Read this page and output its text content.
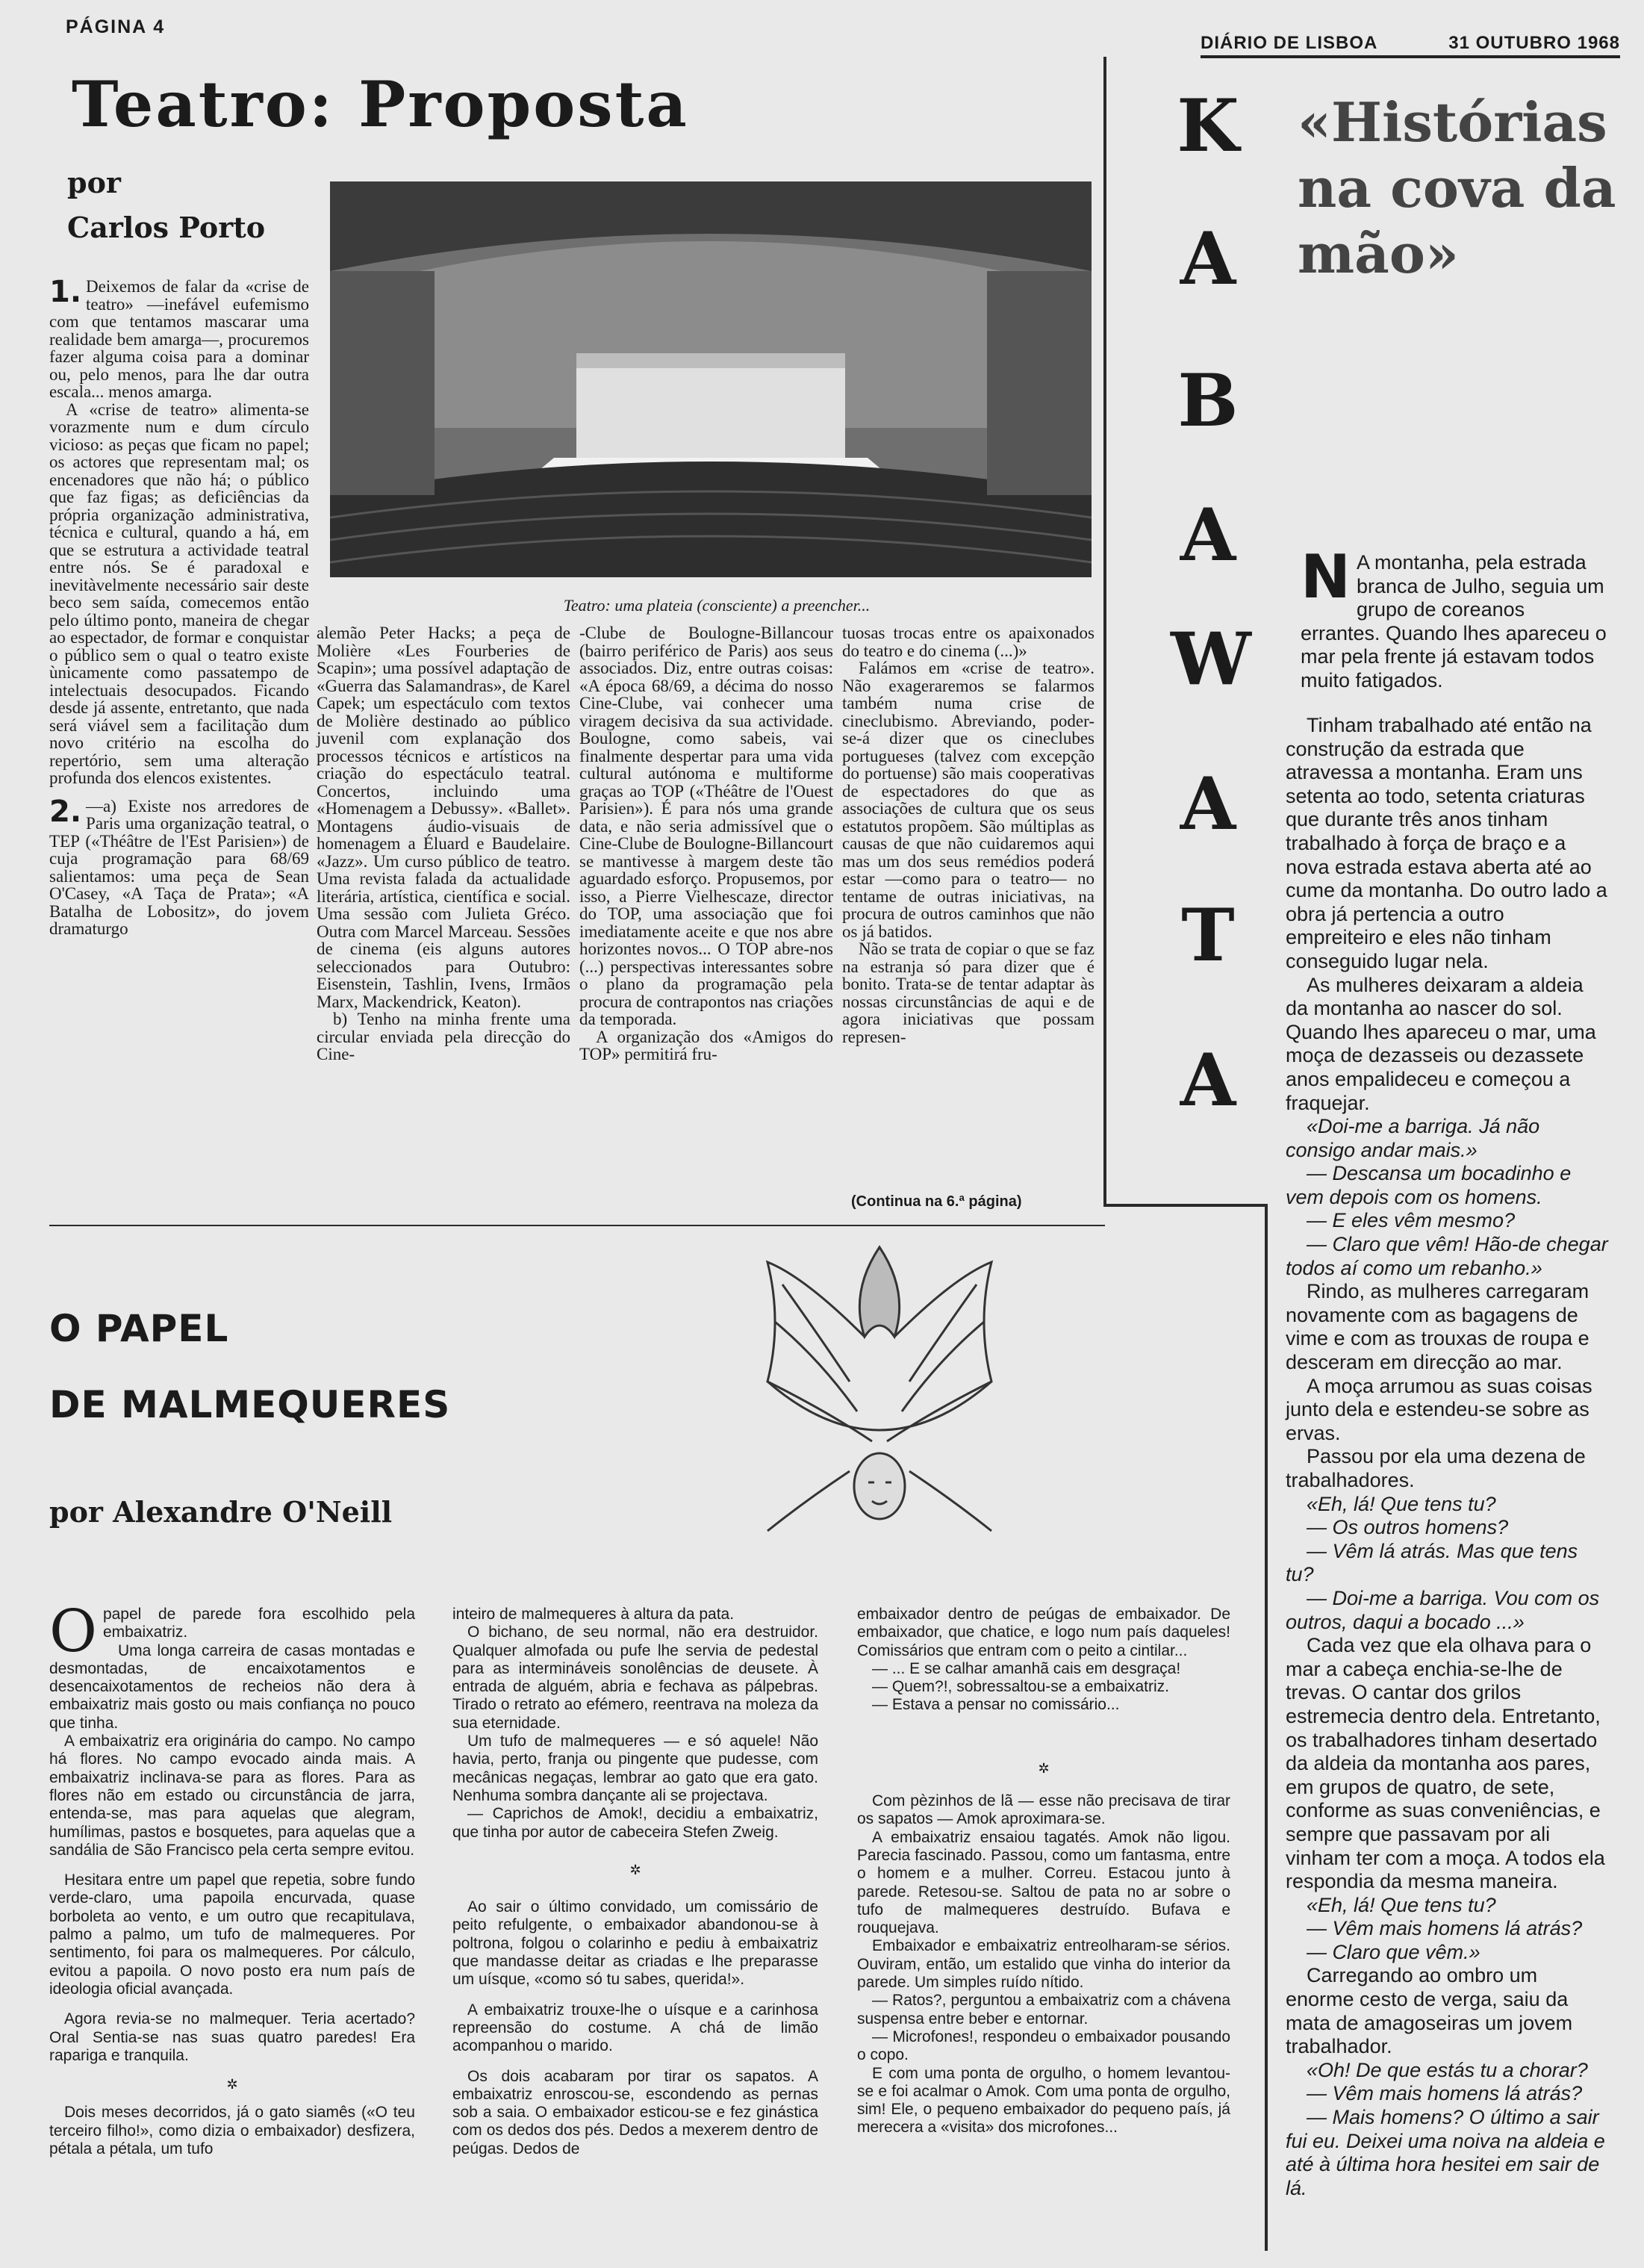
PÁGINA 4
DIÁRIO DE LISBOA	31 OUTUBRO 1968
Teatro: Proposta
por
Carlos Porto
Teatro: uma plateia (consciente) a preencher...

1. Deixemos de falar da «crise de teatro» —inefável eufemismo com que tentamos mascarar uma realidade bem amarga—, procuremos fazer alguma coisa para a dominar ou, pelo menos, para lhe dar outra escala... menos amarga.

A «crise de teatro» alimenta-se vorazmente num e dum círculo vicioso: as peças que ficam no papel; os actores que representam mal; os encenadores que não há; o público que faz figas; as deficiências da própria organização administrativa, técnica e cultural, quando a há, em que se estrutura a actividade teatral entre nós. Se é paradoxal e inevitàvelmente necessário sair deste beco sem saída, comecemos então pelo último ponto, maneira de chegar ao espectador, de formar e conquistar o público sem o qual o teatro existe ùnicamente como passatempo de intelectuais desocupados. Ficando desde já assente, entretanto, que nada será viável sem a facilitação dum novo critério na escolha do repertório, sem uma alteração profunda dos elencos existentes.

2. —a) Existe nos arredores de Paris uma organização teatral, o TEP («Théâtre de l'Est Parisien») de cuja programação para 68/69 salientamos: uma peça de Sean O'Casey, «A Taça de Prata»; «A Batalha de Lobositz», do jovem dramaturgo

alemão Peter Hacks; a peça de Molière «Les Fourberies de Scapin»; uma possível adaptação de «Guerra das Salamandras», de Karel Capek; um espectáculo com textos de Molière destinado ao público juvenil com explanação dos processos técnicos e artísticos na criação do espectáculo teatral. Concertos, incluindo uma «Homenagem a Debussy». «Ballet». Montagens áudio-visuais de homenagem a Éluard e Baudelaire. «Jazz». Um curso público de teatro. Uma revista falada da actualidade literária, artística, científica e social. Uma sessão com Julieta Gréco. Outra com Marcel Marceau. Sessões de cinema (eis alguns autores seleccionados para Outubro: Eisenstein, Tashlin, Ivens, Irmãos Marx, Mackendrick, Keaton).

b) Tenho na minha frente uma circular enviada pela direcção do Cine-

-Clube de Boulogne-Billancour (bairro periférico de Paris) aos seus associados. Diz, entre outras coisas: «A época 68/69, a décima do nosso Cine-Clube, vai conhecer uma viragem decisiva da sua actividade. Boulogne, como sabeis, vai finalmente despertar para uma vida cultural autónoma e multiforme graças ao TOP («Théâtre de l'Ouest Parisien»). É para nós uma grande data, e não seria admissível que o Cine-Clube de Boulogne-Billancourt se mantivesse à margem deste tão aguardado esforço. Propusemos, por isso, a Pierre Vielhescaze, director do TOP, uma associação que foi imediatamente aceite e que nos abre horizontes novos... O TOP abre-nos (...) perspectivas interessantes sobre o plano da programação pela procura de contrapontos nas criações da temporada.

A organização dos «Amigos do TOP» permitirá fru-

tuosas trocas entre os apaixonados do teatro e do cinema (...)»

Falámos em «crise de teatro». Não exageraremos se falarmos também numa crise de cineclubismo. Abreviando, poder-se-á dizer que os cineclubes portugueses (talvez com excepção do portuense) são mais cooperativas de espectadores do que as associações de cultura que os seus estatutos propõem. São múltiplas as causas de que não cuidaremos aqui mas um dos seus remédios poderá estar —como para o teatro— no tentame de outras iniciativas, na procura de outros caminhos que não os já batidos.

Não se trata de copiar o que se faz na estranja só para dizer que é bonito. Trata-se de tentar adaptar às nossas circunstâncias de aqui e de agora iniciativas que possam represen-

(Continua na 6.ª página)
K
A
B
A
W
A
T
A
«Histórias na cova da mão»

N A montanha, pela estrada branca de Julho, seguia um grupo de coreanos errantes. Quando lhes apareceu o mar pela frente já estavam todos muito fatigados.

Tinham trabalhado até então na construção da estrada que atravessa a montanha. Eram uns setenta ao todo, setenta criaturas que durante três anos tinham trabalhado à força de braço e a nova estrada estava aberta até ao cume da montanha. Do outro lado a obra já pertencia a outro empreiteiro e eles não tinham conseguido lugar nela.

As mulheres deixaram a aldeia da montanha ao nascer do sol. Quando lhes apareceu o mar, uma moça de dezasseis ou dezassete anos empalideceu e começou a fraquejar.

«Doi-me a barriga. Já não consigo andar mais.»

— Descansa um bocadinho e vem depois com os homens.

— E eles vêm mesmo?

— Claro que vêm! Hão-de chegar todos aí como um rebanho.»

Rindo, as mulheres carregaram novamente com as bagagens de vime e com as trouxas de roupa e desceram em direcção ao mar.

A moça arrumou as suas coisas junto dela e estendeu-se sobre as ervas.

Passou por ela uma dezena de trabalhadores.

«Eh, lá! Que tens tu?

— Os outros homens?

— Vêm lá atrás. Mas que tens tu?

— Doi-me a barriga. Vou com os outros, daqui a bocado ...»

Cada vez que ela olhava para o mar a cabeça enchia-se-lhe de trevas. O cantar dos grilos estremecia dentro dela. Entretanto, os trabalhadores tinham desertado da aldeia da montanha aos pares, em grupos de quatro, de sete, conforme as suas conveniências, e sempre que passavam por ali vinham ter com a moça. A todos ela respondia da mesma maneira.

«Eh, lá! Que tens tu?

— Vêm mais homens lá atrás?

— Claro que vêm.»

Carregando ao ombro um enorme cesto de verga, saiu da mata de amagoseiras um jovem trabalhador.

«Oh! De que estás tu a chorar?

— Vêm mais homens lá atrás?

— Mais homens? O último a sair fui eu. Deixei uma noiva na aldeia e até à última hora hesitei em sair de lá.

O PAPEL
DE MALMEQUERES
por Alexandre O'Neill

Opapel de parede fora escolhido pela embaixatriz.

Uma longa carreira de casas montadas e desmontadas, de encaixotamentos e desencaixotamentos de recheios não dera à embaixatriz mais gosto ou mais confiança no pouco que tinha.

A embaixatriz era originária do campo. No campo há flores. No campo evocado ainda mais. A embaixatriz inclinava-se para as flores. Para as flores não em estado ou circunstância de jarra, entenda-se, mas para aquelas que alegram, humílimas, pastos e bosquetes, para aquelas que a sandália de São Francisco pela certa sempre evitou.

Hesitara entre um papel que repetia, sobre fundo verde-claro, uma papoila encurvada, quase borboleta ao vento, e um outro que recapitulava, palmo a palmo, um tufo de malmequeres. Por sentimento, foi para os malmequeres. Por cálculo, evitou a papoila. O novo posto era num país de ideologia oficial avançada.

Agora revia-se no malmequer. Teria acertado? Oral Sentia-se nas suas quatro paredes! Era rapariga e tranquila.

✲

Dois meses decorridos, já o gato siamês («O teu terceiro filho!», como dizia o embaixador) desfizera, pétala a pétala, um tufo

inteiro de malmequeres à altura da pata.

O bichano, de seu normal, não era destruidor. Qualquer almofada ou pufe lhe servia de pedestal para as intermináveis sonolências de deusete. À entrada de alguém, abria e fechava as pálpebras. Tirado o retrato ao efémero, reentrava na moleza da sua eternidade.

Um tufo de malmequeres — e só aquele! Não havia, perto, franja ou pingente que pudesse, com mecânicas negaças, lembrar ao gato que era gato. Nenhuma sombra dançante ali se projectava.

— Caprichos de Amok!, decidiu a embaixatriz, que tinha por autor de cabeceira Stefen Zweig.

✲

Ao sair o último convidado, um comissário de peito refulgente, o embaixador abandonou-se à poltrona, folgou o colarinho e pediu à embaixatriz que mandasse deitar as criadas e lhe preparasse um uísque, «como só tu sabes, querida!».

A embaixatriz trouxe-lhe o uísque e a carinhosa repreensão do costume. A chá de limão acompanhou o marido.

Os dois acabaram por tirar os sapatos. A embaixatriz enroscou-se, escondendo as pernas sob a saia. O embaixador esticou-se e fez ginástica com os dedos dos pés. Dedos a mexerem dentro de peúgas. Dedos de

embaixador dentro de peúgas de embaixador. De embaixador, que chatice, e logo num país daqueles! Comissários que entram com o peito a cintilar...

— ... E se calhar amanhã cais em desgraça!

— Quem?!, sobressaltou-se a embaixatriz.

— Estava a pensar no comissário...

✲

Com pèzinhos de lã — esse não precisava de tirar os sapatos — Amok aproximara-se.

A embaixatriz ensaiou tagatés. Amok não ligou. Parecia fascinado. Passou, como um fantasma, entre o homem e a mulher. Correu. Estacou junto à parede. Retesou-se. Saltou de pata no ar sobre o tufo de malmequeres destruído. Bufava e rouquejava.

Embaixador e embaixatriz entreolharam-se sérios. Ouviram, então, um estalido que vinha do interior da parede. Um simples ruído nítido.

— Ratos?, perguntou a embaixatriz com a chávena suspensa entre beber e entornar.

— Microfones!, respondeu o embaixador pousando o copo.

E com uma ponta de orgulho, o homem levantou-se e foi acalmar o Amok. Com uma ponta de orgulho, sim! Ele, o pequeno embaixador do pequeno país, já merecera a «visita» dos microfones...
